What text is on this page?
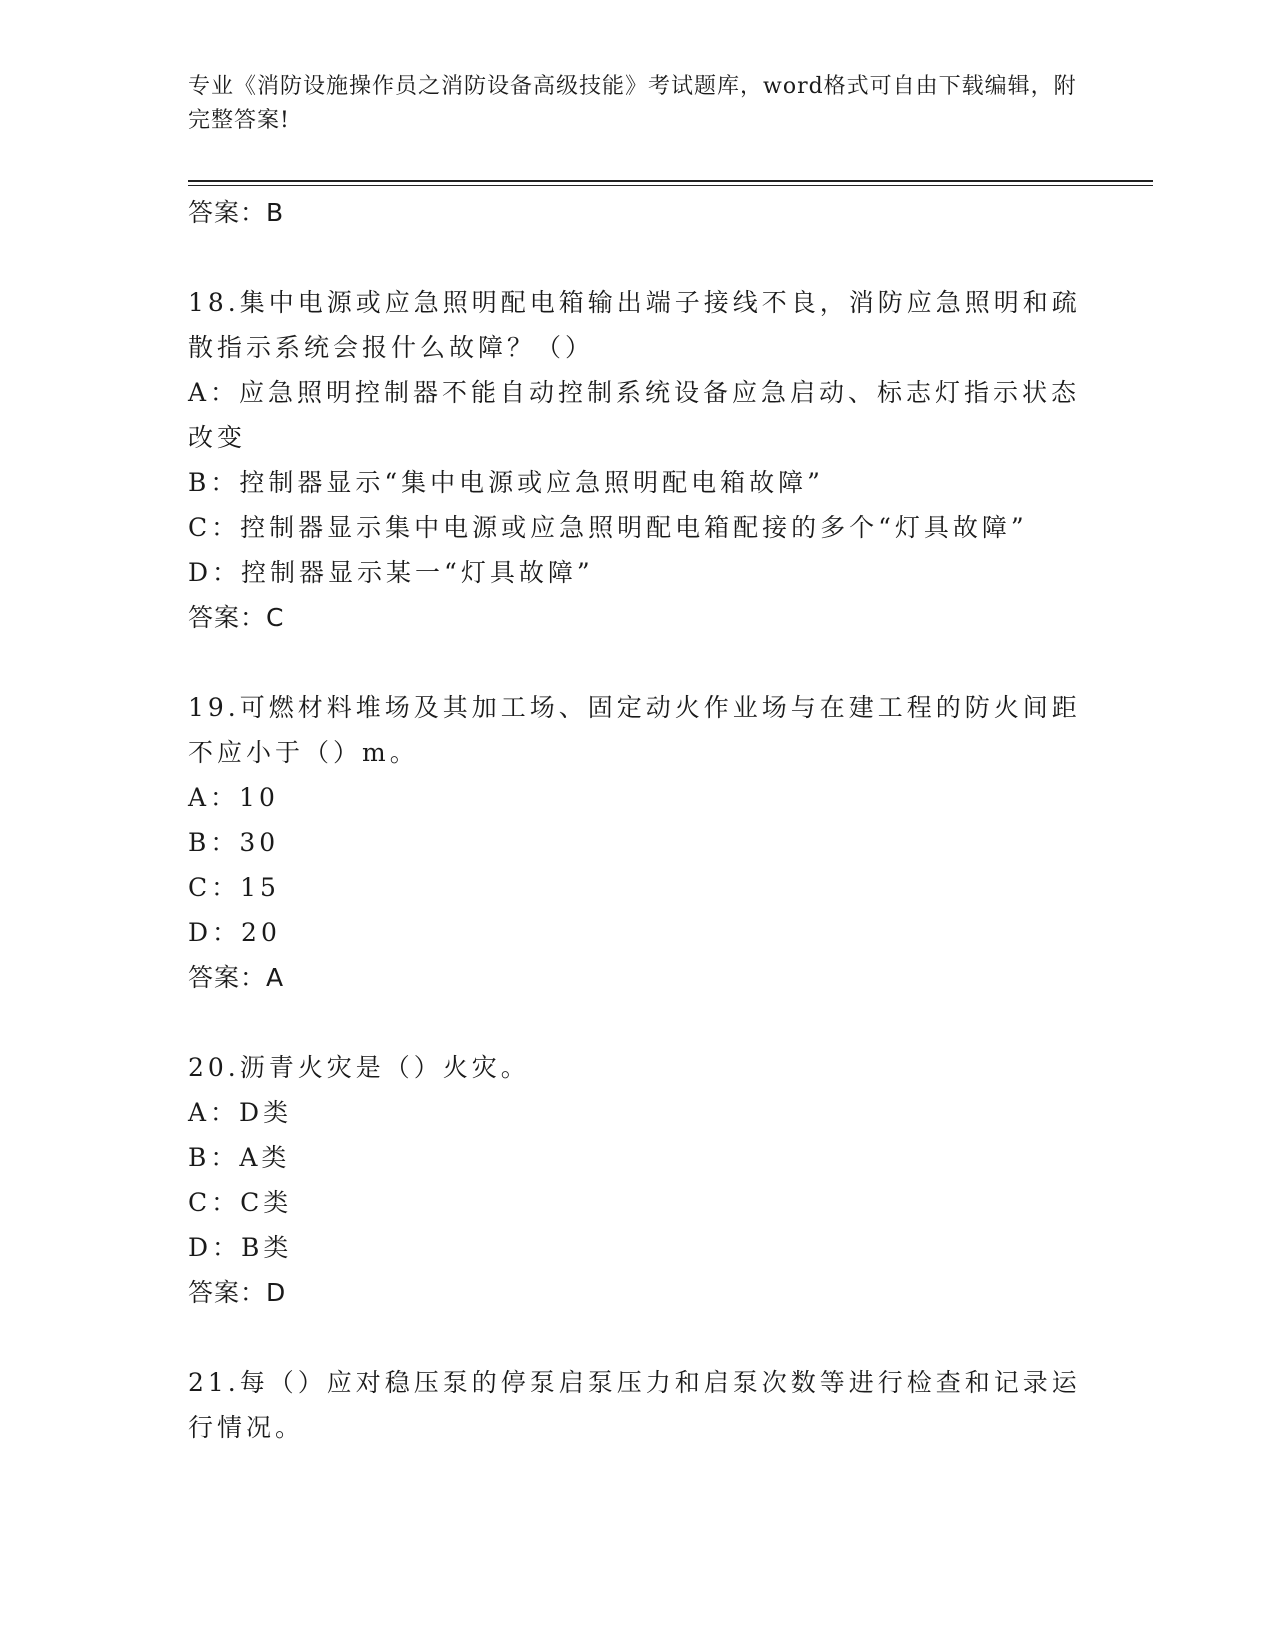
专业《消防设施操作员之消防设备高级技能》考试题库，word格式可自由下载编辑，附完整答案!
答案：B
18.集中电源或应急照明配电箱输出端子接线不良，消防应急照明和疏散指示系统会报什么故障？（）
A：应急照明控制器不能自动控制系统设备应急启动、标志灯指示状态改变
B：控制器显示“集中电源或应急照明配电箱故障”
C：控制器显示集中电源或应急照明配电箱配接的多个“灯具故障”
D：控制器显示某一“灯具故障”
答案：C
19.可燃材料堆场及其加工场、固定动火作业场与在建工程的防火间距不应小于（）m。
A：10
B：30
C：15
D：20
答案：A
20.沥青火灾是（）火灾。
A：D类
B：A类
C：C类
D：B类
答案：D
21.每（）应对稳压泵的停泵启泵压力和启泵次数等进行检查和记录运行情况。
